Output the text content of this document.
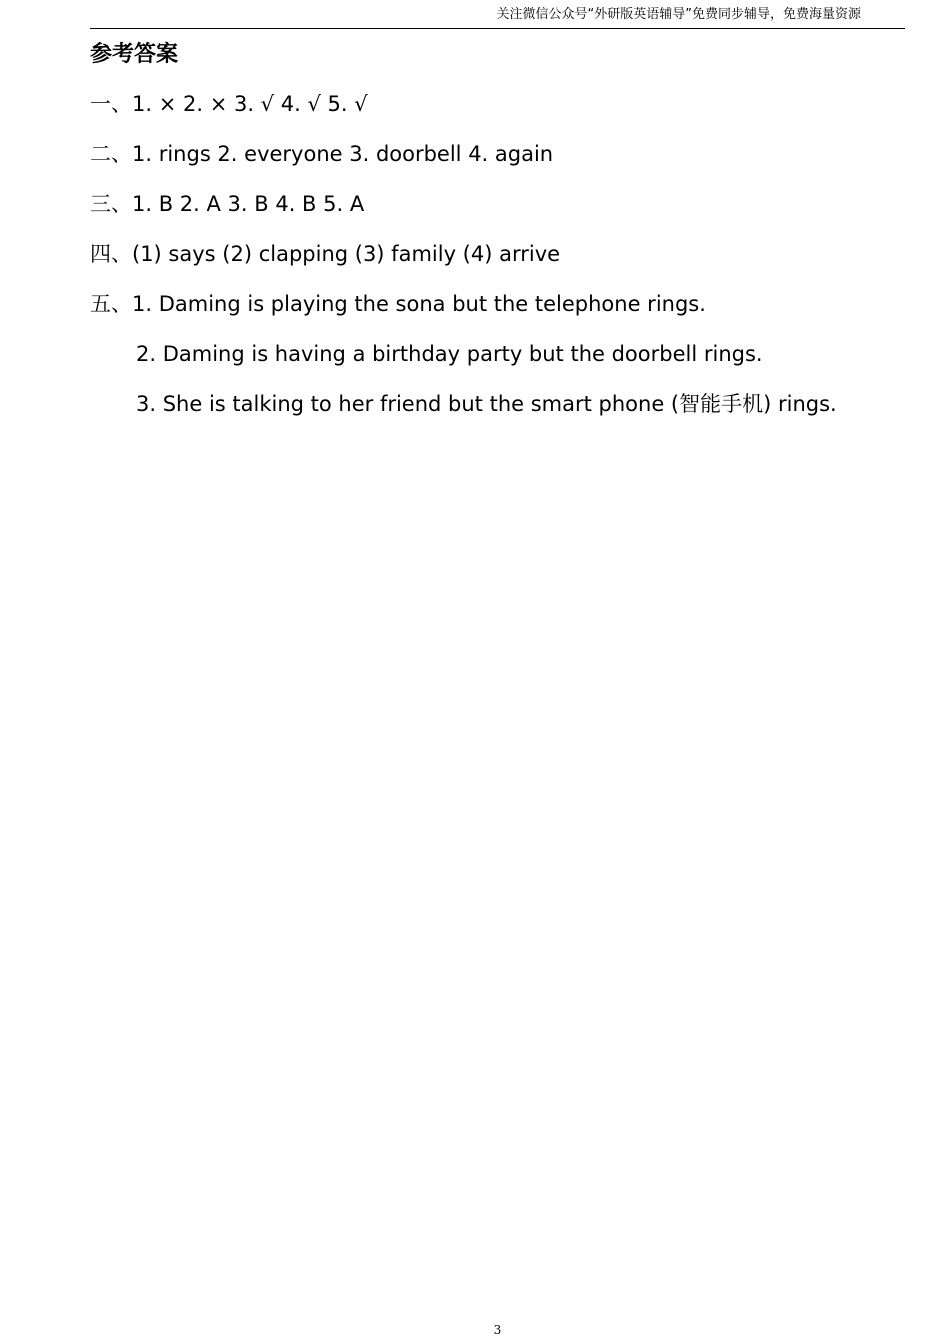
关注微信公众号“外研版英语辅导”免费同步辅导，免费海量资源
参考答案
一、1. × 2. × 3. √ 4. √ 5. √
二、1. rings 2. everyone 3. doorbell 4. again
三、1. B 2. A 3. B 4. B 5. A
四、(1) says (2) clapping (3) family (4) arrive
五、1. Daming is playing the sona but the telephone rings.
2. Daming is having a birthday party but the doorbell rings.
3. She is talking to her friend but the smart phone (智能手机) rings.
3
